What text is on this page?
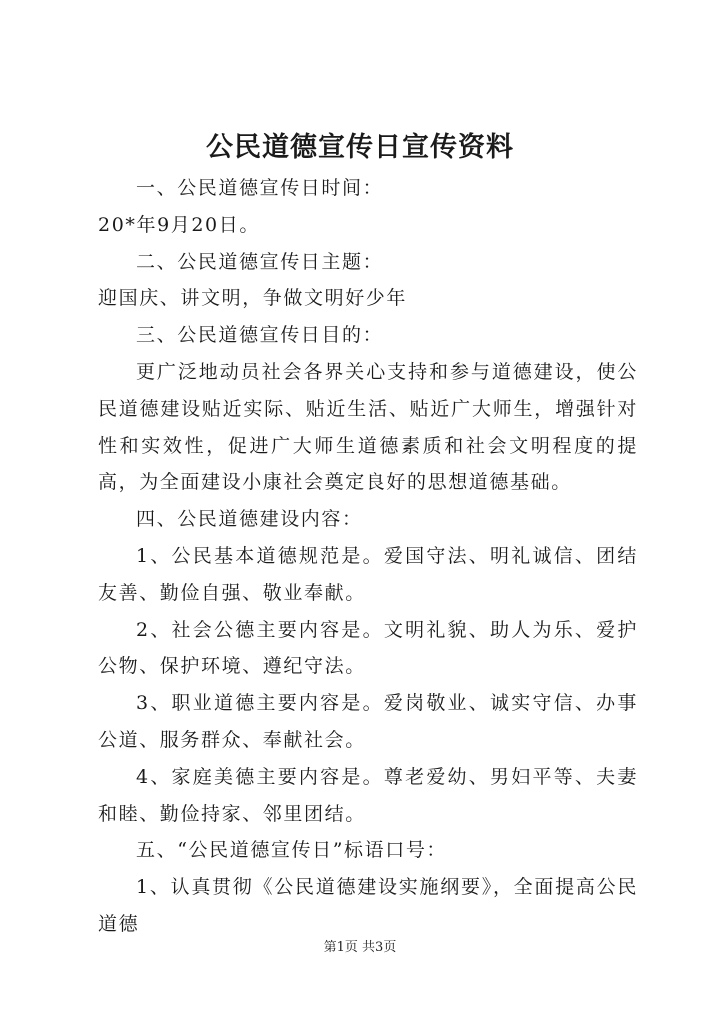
公民道德宣传日宣传资料

一、公民道德宣传日时间：

20*年9月20日。

二、公民道德宣传日主题：

迎国庆、讲文明，争做文明好少年

三、公民道德宣传日目的：

更广泛地动员社会各界关心支持和参与道德建设，使公民道德建设贴近实际、贴近生活、贴近广大师生，增强针对性和实效性，促进广大师生道德素质和社会文明程度的提高，为全面建设小康社会奠定良好的思想道德基础。

四、公民道德建设内容：

1、公民基本道德规范是。爱国守法、明礼诚信、团结友善、勤俭自强、敬业奉献。

2、社会公德主要内容是。文明礼貌、助人为乐、爱护公物、保护环境、遵纪守法。

3、职业道德主要内容是。爱岗敬业、诚实守信、办事公道、服务群众、奉献社会。

4、家庭美德主要内容是。尊老爱幼、男妇平等、夫妻和睦、勤俭持家、邻里团结。

五、“公民道德宣传日”标语口号：

1、认真贯彻《公民道德建设实施纲要》，全面提高公民道德

第1页 共3页
